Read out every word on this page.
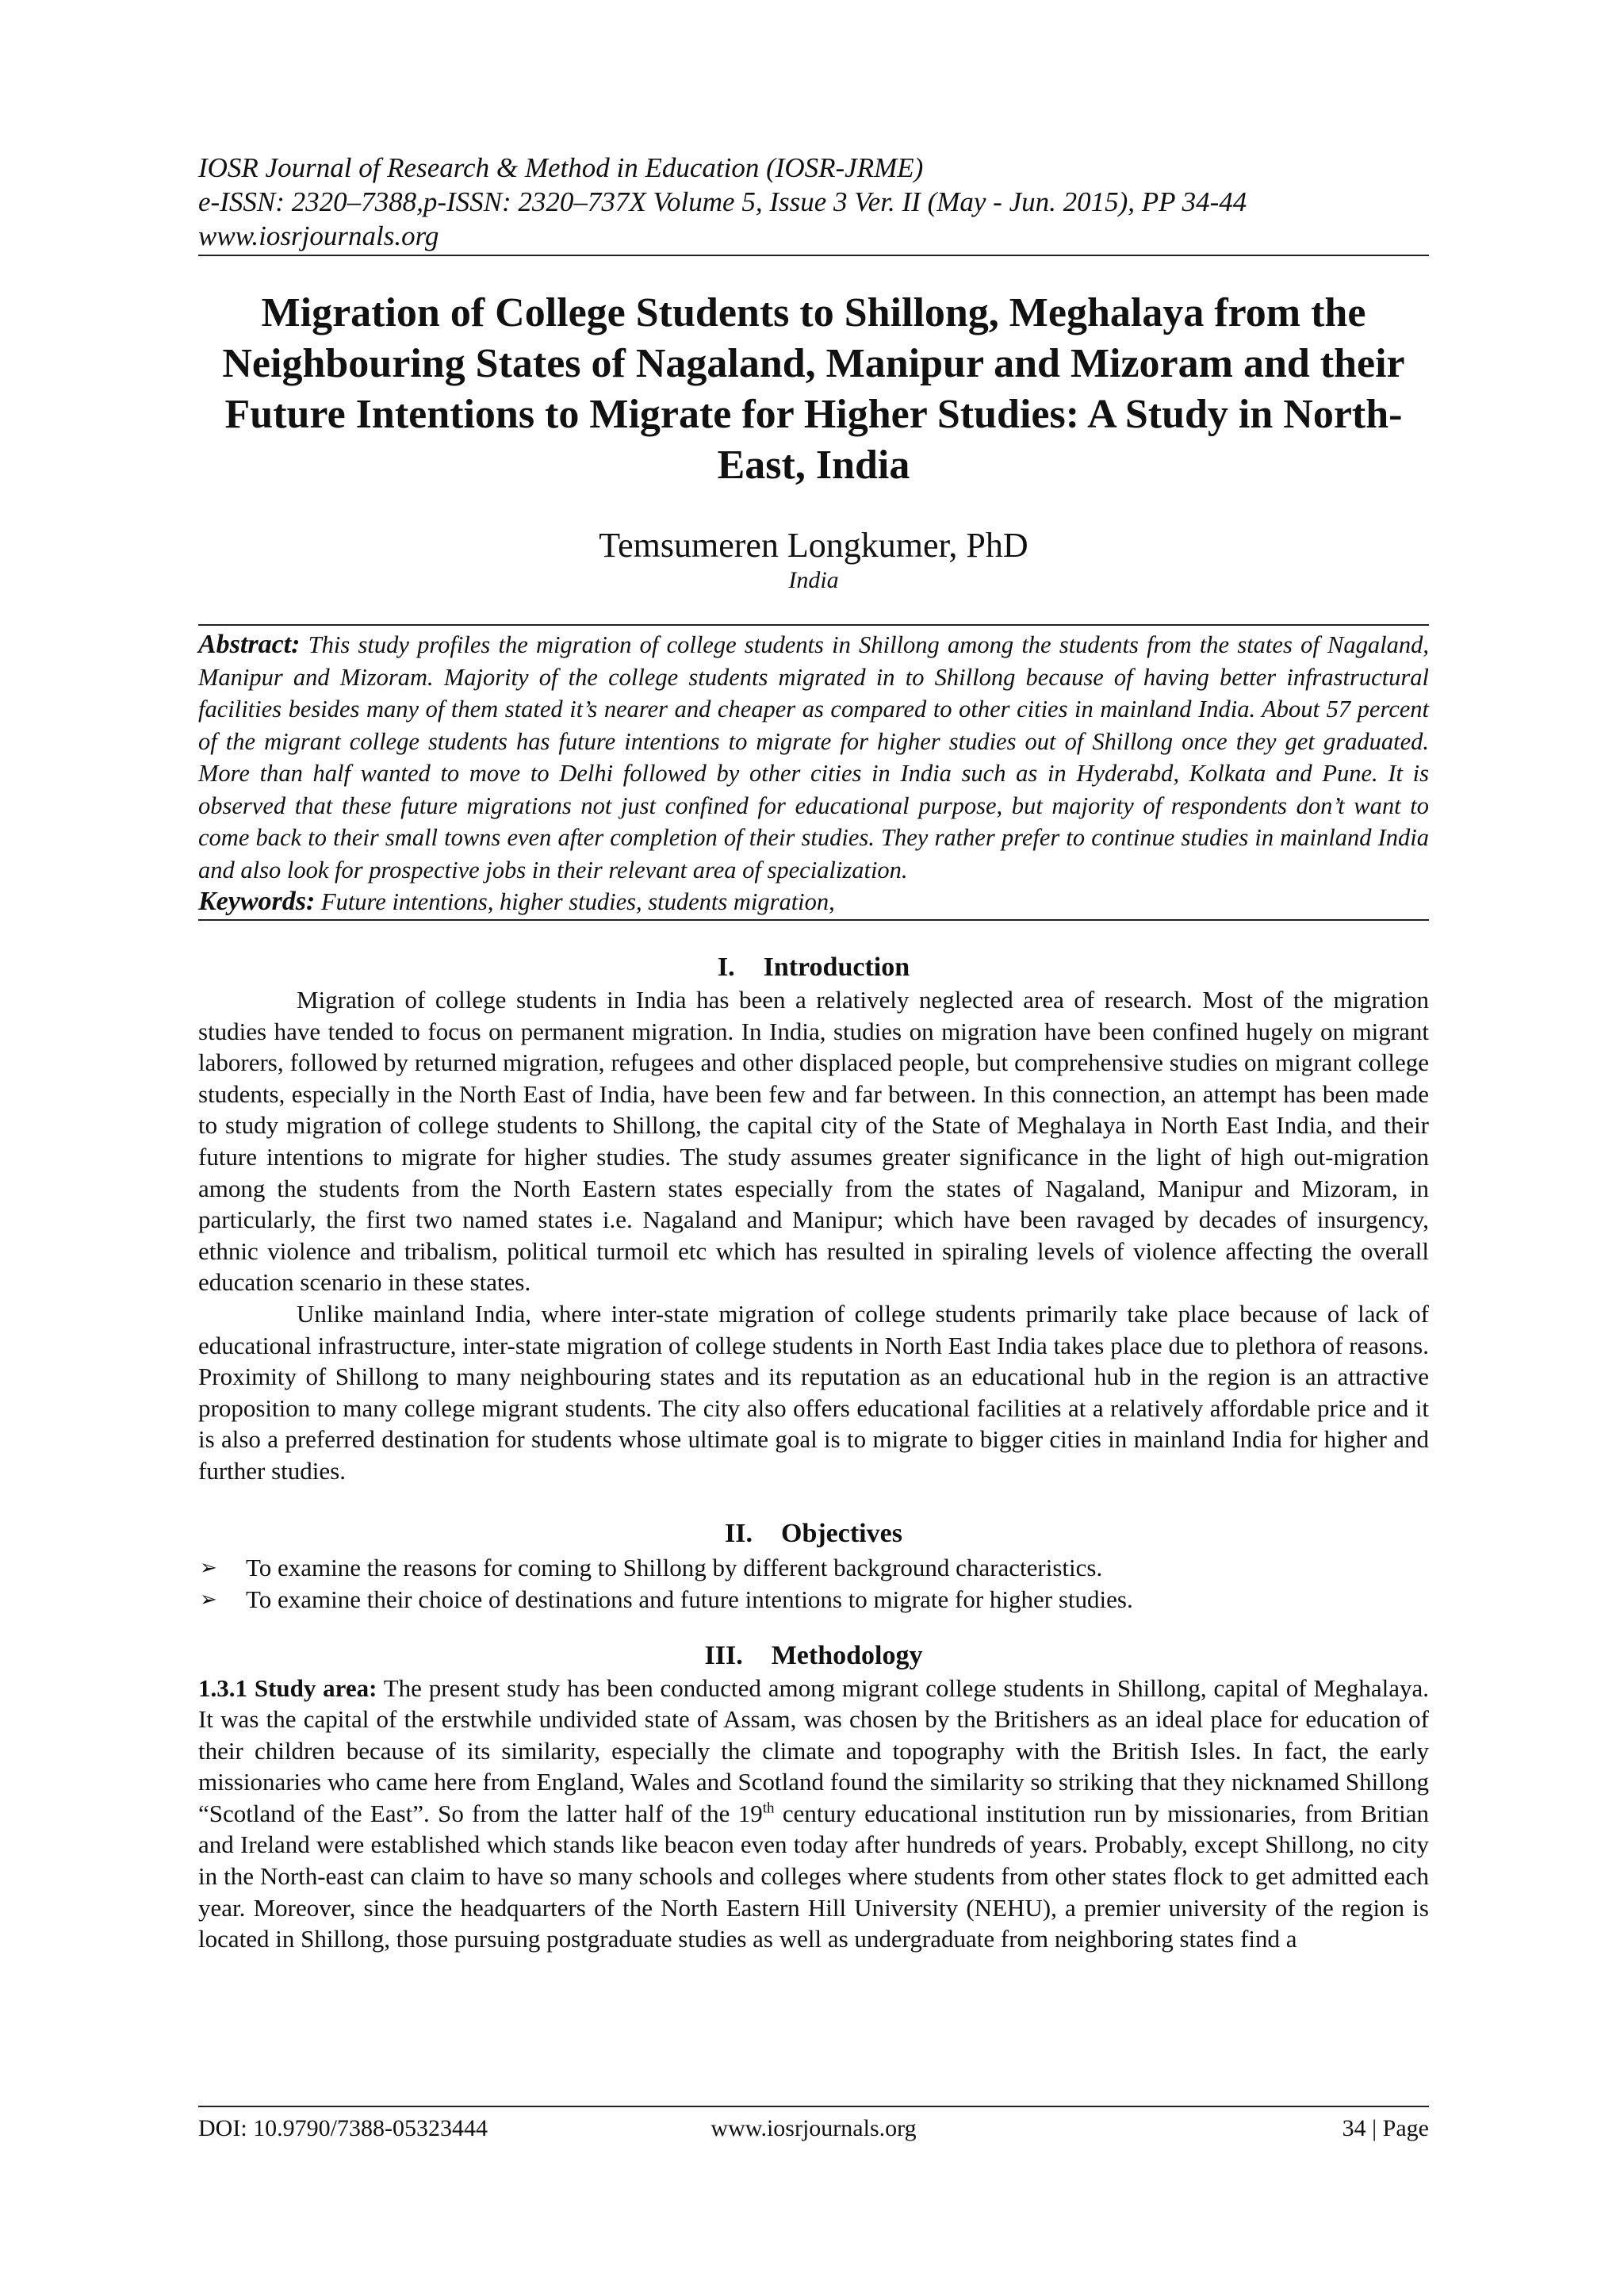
IOSR Journal of Research & Method in Education (IOSR-JRME)
e-ISSN: 2320–7388,p-ISSN: 2320–737X Volume 5, Issue 3 Ver. II (May - Jun. 2015), PP 34-44
www.iosrjournals.org
Migration of College Students to Shillong, Meghalaya from the Neighbouring States of Nagaland, Manipur and Mizoram and their Future Intentions to Migrate for Higher Studies: A Study in North-East, India
Temsumeren Longkumer, PhD
India
Abstract: This study profiles the migration of college students in Shillong among the students from the states of Nagaland, Manipur and Mizoram. Majority of the college students migrated in to Shillong because of having better infrastructural facilities besides many of them stated it’s nearer and cheaper as compared to other cities in mainland India. About 57 percent of the migrant college students has future intentions to migrate for higher studies out of Shillong once they get graduated. More than half wanted to move to Delhi followed by other cities in India such as in Hyderabd, Kolkata and Pune. It is observed that these future migrations not just confined for educational purpose, but majority of respondents don’t want to come back to their small towns even after completion of their studies. They rather prefer to continue studies in mainland India and also look for prospective jobs in their relevant area of specialization.
Keywords: Future intentions, higher studies, students migration,
I. Introduction

Migration of college students in India has been a relatively neglected area of research. Most of the migration studies have tended to focus on permanent migration. In India, studies on migration have been confined hugely on migrant laborers, followed by returned migration, refugees and other displaced people, but comprehensive studies on migrant college students, especially in the North East of India, have been few and far between. In this connection, an attempt has been made to study migration of college students to Shillong, the capital city of the State of Meghalaya in North East India, and their future intentions to migrate for higher studies. The study assumes greater significance in the light of high out-migration among the students from the North Eastern states especially from the states of Nagaland, Manipur and Mizoram, in particularly, the first two named states i.e. Nagaland and Manipur; which have been ravaged by decades of insurgency, ethnic violence and tribalism, political turmoil etc which has resulted in spiraling levels of violence affecting the overall education scenario in these states.

Unlike mainland India, where inter-state migration of college students primarily take place because of lack of educational infrastructure, inter-state migration of college students in North East India takes place due to plethora of reasons. Proximity of Shillong to many neighbouring states and its reputation as an educational hub in the region is an attractive proposition to many college migrant students. The city also offers educational facilities at a relatively affordable price and it is also a preferred destination for students whose ultimate goal is to migrate to bigger cities in mainland India for higher and further studies.

II. Objectives
➢ To examine the reasons for coming to Shillong by different background characteristics.
➢ To examine their choice of destinations and future intentions to migrate for higher studies.
III. Methodology

1.3.1 Study area: The present study has been conducted among migrant college students in Shillong, capital of Meghalaya. It was the capital of the erstwhile undivided state of Assam, was chosen by the Britishers as an ideal place for education of their children because of its similarity, especially the climate and topography with the British Isles. In fact, the early missionaries who came here from England, Wales and Scotland found the similarity so striking that they nicknamed Shillong “Scotland of the East”. So from the latter half of the 19th century educational institution run by missionaries, from Britian and Ireland were established which stands like beacon even today after hundreds of years. Probably, except Shillong, no city in the North-east can claim to have so many schools and colleges where students from other states flock to get admitted each year. Moreover, since the headquarters of the North Eastern Hill University (NEHU), a premier university of the region is located in Shillong, those pursuing postgraduate studies as well as undergraduate from neighboring states find a

DOI: 10.9790/7388-05323444	www.iosrjournals.org	34 | Page
